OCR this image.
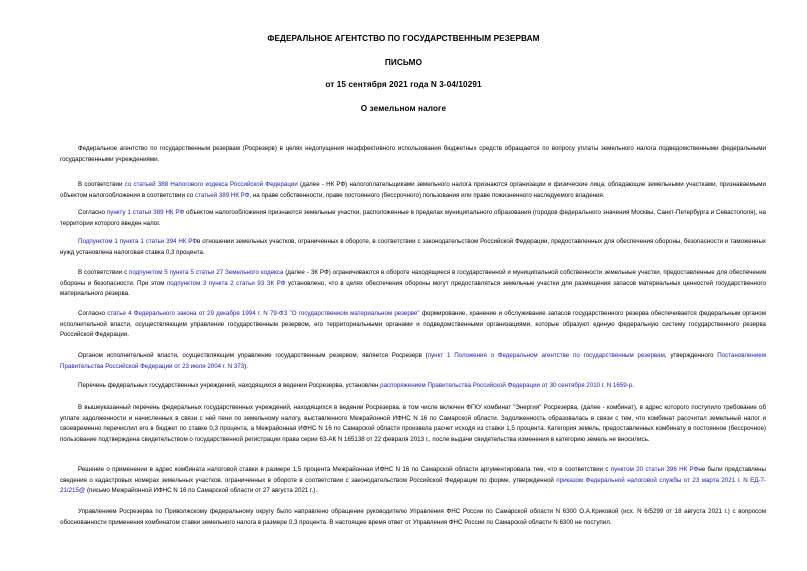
ФЕДЕРАЛЬНОЕ АГЕНТСТВО ПО ГОСУДАРСТВЕННЫМ РЕЗЕРВАМ
ПИСЬМО
от 15 сентября 2021 года N 3-04/10291
О земельном налоге

Федеральное агентство по государственным резервам (Росрезерв) в целях недопущения неэффективного использования бюджетных средств обращается по вопросу уплаты земельного налога подведомственными федеральными государственными учреждениями.

В соответствии со статьей 388 Налогового кодекса Российской Федерации (далее - НК РФ) налогоплательщиками земельного налога признаются организации и физические лица, обладающие земельными участками, признаваемыми объектом налогообложения в соответствии со статьей 389 НК РФ, на праве собственности, праве постоянного (бессрочного) пользования или праве пожизненного наследуемого владения.

Согласно пункту 1 статьи 389 НК РФ объектом налогообложения признаются земельные участки, расположенные в пределах муниципального образования (городов федерального значения Москвы, Санкт-Петербурга и Севастополя), на территории которого введен налог.

Подпунктом 1 пункта 1 статьи 394 НК РФв отношении земельных участков, ограниченных в обороте, в соответствии с законодательством Российской Федерации, предоставленных для обеспечения обороны, безопасности и таможенных нужд установлена налоговая ставка 0,3 процента.

В соответствии с подпунктом 5 пункта 5 статьи 27 Земельного кодекса (далее - ЗК РФ) ограничиваются в обороте находящиеся в государственной и муниципальной собственности земельные участки, предоставленные для обеспечения обороны и безопасности. При этом подпунктом 3 пункта 2 статьи 93 ЗК РФ установлено, что в целях обеспечения обороны могут предоставляться земельные участки для размещения запасов материальных ценностей государственного материального резерва.

Согласно статье 4 Федерального закона от 29 декабря 1994 г. N 79-ФЗ "О государственном материальном резерве" формирование, хранение и обслуживание запасов государственного резерва обеспечивается федеральным органом исполнительной власти, осуществляющим управление государственным резервом, его территориальными органами и подведомственными организациями, которые образуют единую федеральную систему государственного резерва Российской Федерации.

Органом исполнительной власти, осуществляющим управление государственным резервом, является Росрезерв (пункт 1 Положения о Федеральном агентстве по государственным резервам, утвержденного Постановлением Правительства Российской Федерации от 23 июля 2004 г. N 373).

Перечень федеральных государственных учреждений, находящихся в ведении Росрезерва, установлен распоряжением Правительства Российской Федерации от 30 сентября 2010 г. N 1659-р.

В вышеуказанный перечень федеральных государственных учреждений, находящихся в ведении Росрезерва, в том числе включен ФГКУ комбинат "Энергия" Росрезерва, (далее - комбинат), в адрес которого поступило требование об уплате задолженности и начисленных в связи с ней пени по земельному налогу, выставленного Межрайонной ИФНС N 16 по Самарской области. Задолженность образовалась в связи с тем, что комбинат рассчитал земельный налог и своевременно перечислил его в бюджет по ставке 0,3 процента, а Межрайонная ИФНС N 16 по Самарской области произвела расчет исходя из ставки 1,5 процента. Категория земель, предоставленных комбинату в постоянное (бессрочное) пользование подтверждена свидетельством о государственной регистрации права серии 63-АК N 165138 от 22 февраля 2013 г., после выдачи свидетельства изменения в категорию земель не вносились.

Решение о применении в адрес комбината налоговой ставки в размере 1,5 процента Межрайонная ИФНС N 16 по Самарской области аргументировала тем, что в соответствии с пунктом 20 статьи 396 НК РФне были представлены сведения о кадастровых номерах земельных участков, ограниченных в обороте в соответствии с законодательством Российской Федерации по форме, утвержденной приказом Федеральной налоговой службы от 23 марта 2021 г. N ЕД-7-21/215@ (письмо Межрайонной ИФНС N 16 по Самарской области от 27 августа 2021 г.).

Управлением Росрезерва по Приволжскому федеральному округу было направлено обращение руководителю Управления ФНС России по Самарской области N 6300 О.А.Криковой (исх. N 6/5299 от 18 августа 2021 г.) с вопросом обоснованности применения комбинатом ставки земельного налога в размере 0,3 процента. В настоящее время ответ от Управления ФНС России по Самарской области N 6300 не поступил.
